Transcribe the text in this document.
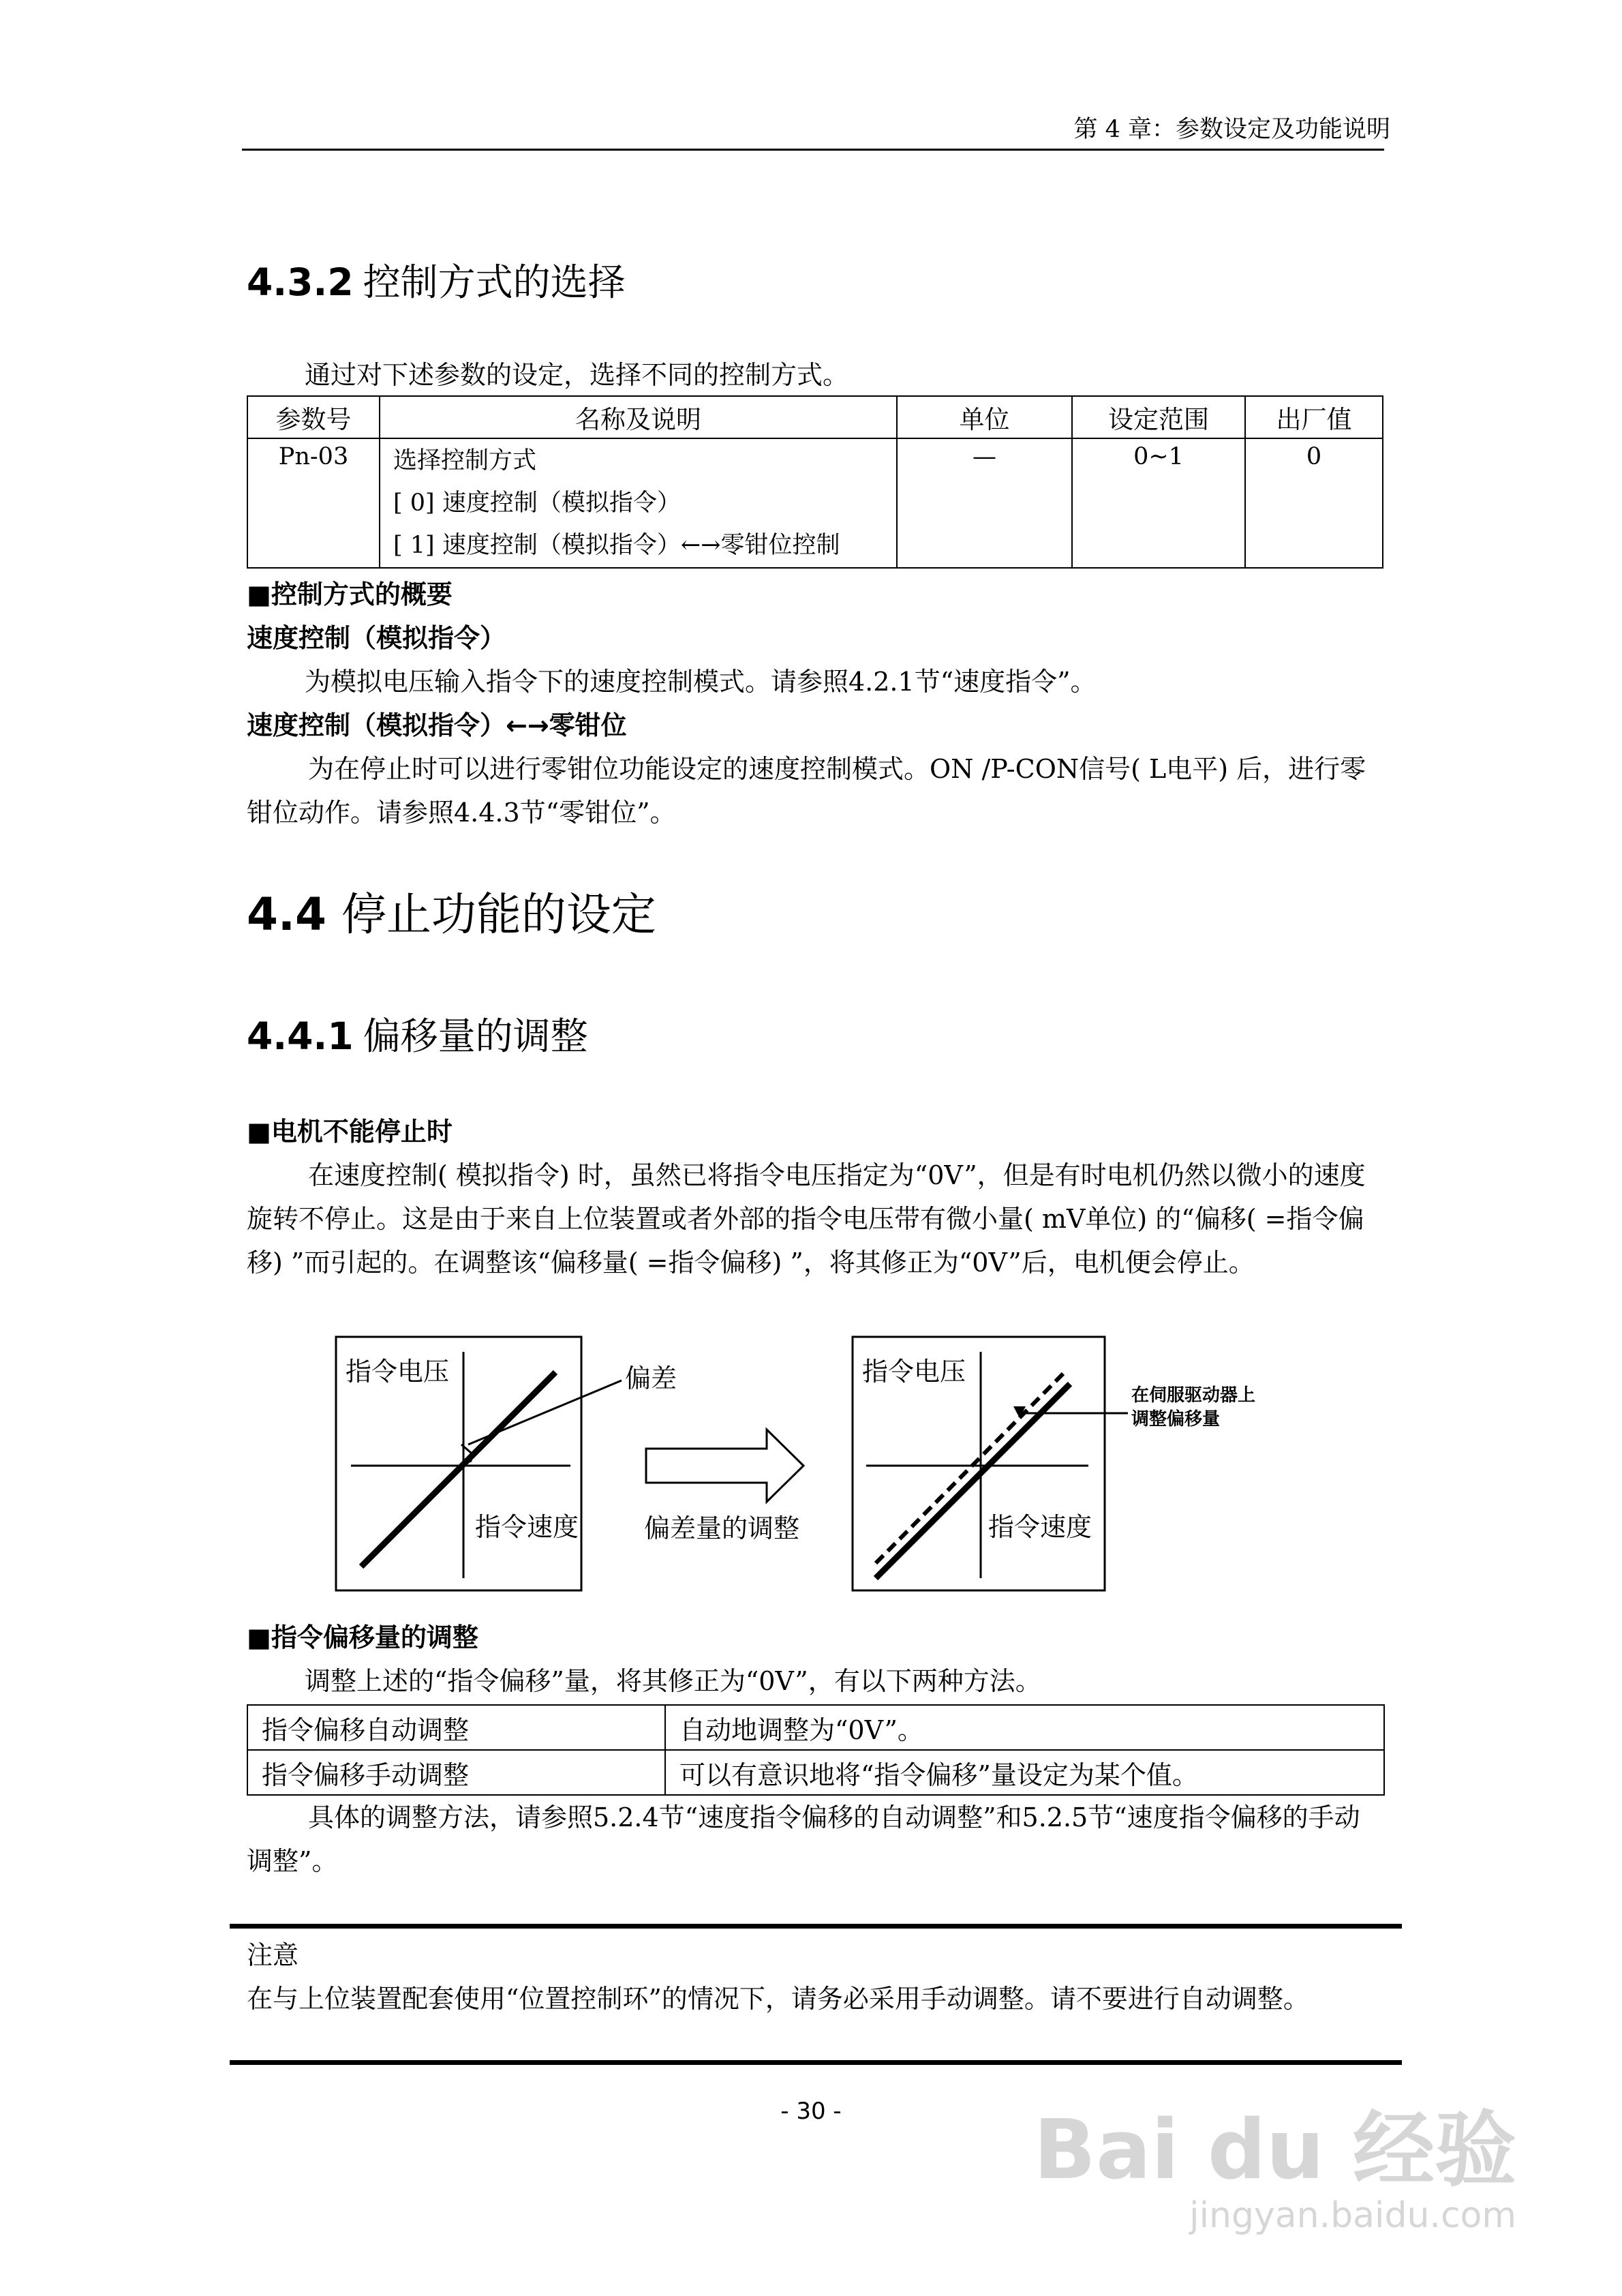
第 4 章：参数设定及功能说明
4.3.2 控制方式的选择
通过对下述参数的设定，选择不同的控制方式。
参数号	名称及说明	单位	设定范围	出厂值
Pn-03	选择控制方式
[ 0] 速度控制（模拟指令）
[ 1] 速度控制（模拟指令）←→零钳位控制	—	0~1	0
■控制方式的概要
速度控制（模拟指令）
为模拟电压输入指令下的速度控制模式。请参照4.2.1节“速度指令”。
速度控制（模拟指令）←→零钳位
为在停止时可以进行零钳位功能设定的速度控制模式。ON /P-CON信号( L电平) 后，进行零钳位动作。请参照4.4.3节“零钳位”。
4.4 停止功能的设定
4.4.1 偏移量的调整
■电机不能停止时
在速度控制( 模拟指令) 时，虽然已将指令电压指定为“0V”，但是有时电机仍然以微小的速度旋转不停止。这是由于来自上位装置或者外部的指令电压带有微小量( mV单位) 的“偏移( =指令偏移) ”而引起的。在调整该“偏移量( =指令偏移) ”，将其修正为“0V”后，电机便会停止。
指令电压
指令速度
偏差
偏差量的调整
指令电压
指令速度
在伺服驱动器上
调整偏移量
■指令偏移量的调整
调整上述的“指令偏移”量，将其修正为“0V”，有以下两种方法。
指令偏移自动调整	自动地调整为“0V”。
指令偏移手动调整	可以有意识地将“指令偏移”量设定为某个值。
具体的调整方法，请参照5.2.4节“速度指令偏移的自动调整”和5.2.5节“速度指令偏移的手动调整”。
注意
在与上位装置配套使用“位置控制环”的情况下，请务必采用手动调整。请不要进行自动调整。
- 30 -	Bai du 经验
jingyan.baidu.com
